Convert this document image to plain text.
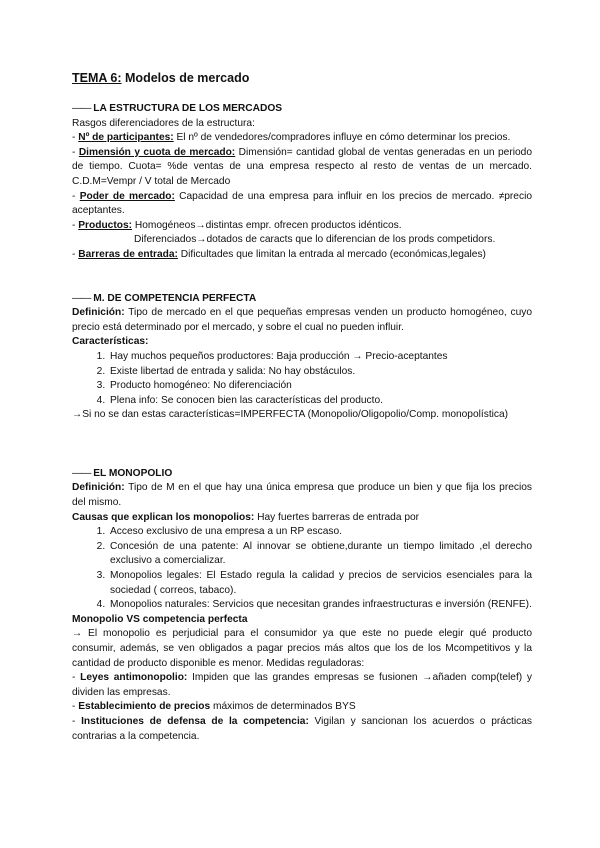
TEMA 6: Modelos de mercado

—— LA ESTRUCTURA DE LOS MERCADOS

Rasgos diferenciadores de la estructura:

- Nº de participantes: El nº de vendedores/compradores influye en cómo determinar los precios.

- Dimensión y cuota de mercado: Dimensión= cantidad global de ventas generadas en un periodo de tiempo. Cuota= %de ventas de una empresa respecto al resto de ventas de un mercado. C.D.M=Vempr / V total de Mercado

- Poder de mercado: Capacidad de una empresa para influir en los precios de mercado. ≠precio aceptantes.

- Productos: Homogéneos→distintas empr. ofrecen productos idénticos.

Diferenciados→dotados de caracts que lo diferencian de los prods competidors.

- Barreras de entrada: Dificultades que limitan la entrada al mercado (económicas,legales)

—— M. DE COMPETENCIA PERFECTA

Definición: Tipo de mercado en el que pequeñas empresas venden un producto homogéneo, cuyo precio está determinado por el mercado, y sobre el cual no pueden influir.

Características:

1. Hay muchos pequeños productores: Baja producción → Precio-aceptantes
2. Existe libertad de entrada y salida: No hay obstáculos.
3. Producto homogéneo: No diferenciación
4. Plena info: Se conocen bien las características del producto.

→Si no se dan estas características=IMPERFECTA (Monopolio/Oligopolio/Comp. monopolística)

—— EL MONOPOLIO

Definición: Tipo de M en el que hay una única empresa que produce un bien y que fija los precios del mismo.

Causas que explican los monopolios: Hay fuertes barreras de entrada por

1. Acceso exclusivo de una empresa a un RP escaso.
2. Concesión de una patente: Al innovar se obtiene,durante un tiempo limitado ,el derecho exclusivo a comercializar.
3. Monopolios legales: El Estado regula la calidad y precios de servicios esenciales para la sociedad ( correos, tabaco).
4. Monopolios naturales: Servicios que necesitan grandes infraestructuras e inversión (RENFE).

Monopolio VS competencia perfecta

→ El monopolio es perjudicial para el consumidor ya que este no puede elegir qué producto consumir, además, se ven obligados a pagar precios más altos que los de los Mcompetitivos y la cantidad de producto disponible es menor. Medidas reguladoras:

- Leyes antimonopolio: Impiden que las grandes empresas se fusionen →añaden comp(telef) y dividen las empresas.

- Establecimiento de precios máximos de determinados BYS

- Instituciones de defensa de la competencia: Vigilan y sancionan los acuerdos o prácticas contrarias a la competencia.
